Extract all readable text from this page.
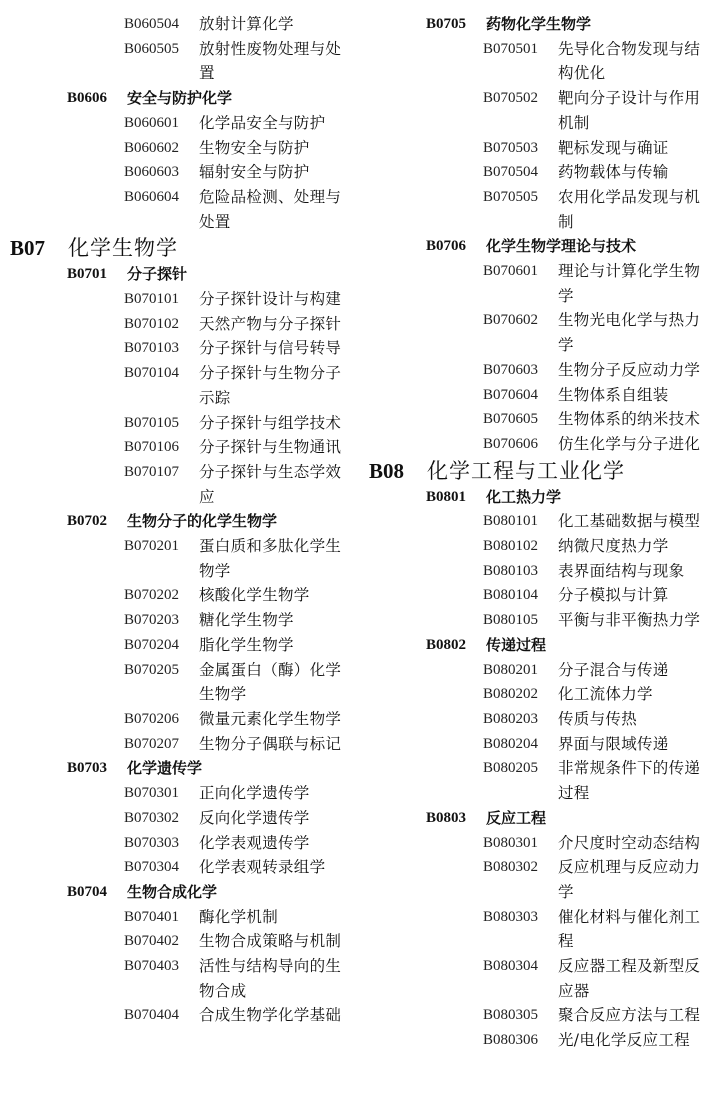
B060504 放射计算化学
B060505 放射性废物处理与处置
B0606 安全与防护化学
B060601 化学品安全与防护
B060602 生物安全与防护
B060603 辐射安全与防护
B060604 危险品检测、处理与处置
B07 化学生物学
B0701 分子探针
B070101 分子探针设计与构建
B070102 天然产物与分子探针
B070103 分子探针与信号转导
B070104 分子探针与生物分子示踪
B070105 分子探针与组学技术
B070106 分子探针与生物通讯
B070107 分子探针与生态学效应
B0702 生物分子的化学生物学
B070201 蛋白质和多肽化学生物学
B070202 核酸化学生物学
B070203 糖化学生物学
B070204 脂化学生物学
B070205 金属蛋白（酶）化学生物学
B070206 微量元素化学生物学
B070207 生物分子偶联与标记
B0703 化学遗传学
B070301 正向化学遗传学
B070302 反向化学遗传学
B070303 化学表观遗传学
B070304 化学表观转录组学
B0704 生物合成化学
B070401 酶化学机制
B070402 生物合成策略与机制
B070403 活性与结构导向的生物合成
B070404 合成生物学化学基础
B0705 药物化学生物学
B070501 先导化合物发现与结构优化
B070502 靶向分子设计与作用机制
B070503 靶标发现与确证
B070504 药物载体与传输
B070505 农用化学品发现与机制
B0706 化学生物学理论与技术
B070601 理论与计算化学生物学
B070602 生物光电化学与热力学
B070603 生物分子反应动力学
B070604 生物体系自组装
B070605 生物体系的纳米技术
B070606 仿生化学与分子进化
B08 化学工程与工业化学
B0801 化工热力学
B080101 化工基础数据与模型
B080102 纳微尺度热力学
B080103 表界面结构与现象
B080104 分子模拟与计算
B080105 平衡与非平衡热力学
B0802 传递过程
B080201 分子混合与传递
B080202 化工流体力学
B080203 传质与传热
B080204 界面与限域传递
B080205 非常规条件下的传递过程
B0803 反应工程
B080301 介尺度时空动态结构
B080302 反应机理与反应动力学
B080303 催化材料与催化剂工程
B080304 反应器工程及新型反应器
B080305 聚合反应方法与工程
B080306 光/电化学反应工程
